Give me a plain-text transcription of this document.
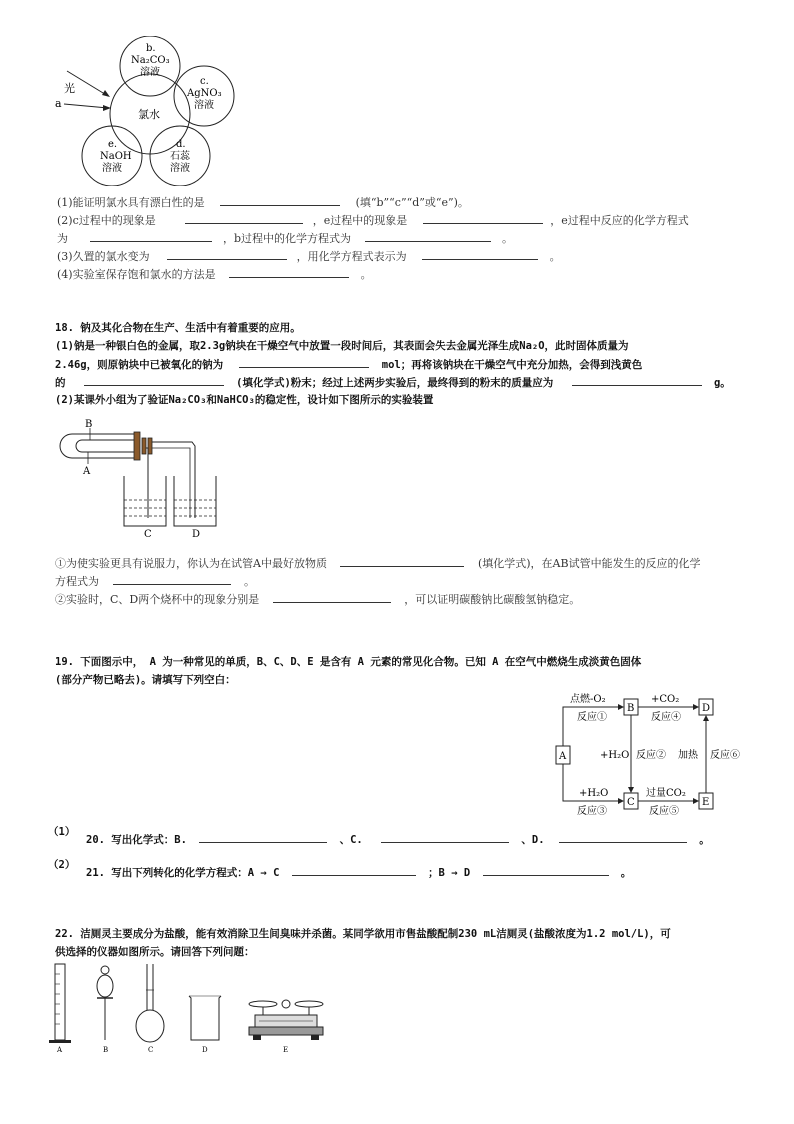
光
a
氯水
b.
Na₂CO₃
溶液
c.
AgNO₃
溶液
d.
石蕊
溶液
e.
NaOH
溶液
(1)能证明氯水具有漂白性的是	(填“b”“c”“d”或“e”)。
(2)c过程中的现象是	，e过程中的现象是	，e过程中反应的化学方程式
为	，b过程中的化学方程式为	。
(3)久置的氯水变为	，用化学方程式表示为	。
(4)实验室保存饱和氯水的方法是	。
18. 钠及其化合物在生产、生活中有着重要的应用。
(1)钠是一种银白色的金属，取2.3g钠块在干燥空气中放置一段时间后，其表面会失去金属光泽生成Na₂O，此时固体质量为
2.46g，则原钠块中已被氧化的钠为	mol；再将该钠块在干燥空气中充分加热，会得到浅黄色
的	(填化学式)粉末；经过上述两步实验后，最终得到的粉末的质量应为	g。
(2)某课外小组为了验证Na₂CO₃和NaHCO₃的稳定性，设计如下图所示的实验装置
B
A
C	D
①为使实验更具有说服力，你认为在试管A中最好放物质	(填化学式)，在AB试管中能发生的反应的化学
方程式为	。
②实验时，C、D两个烧杯中的现象分别是	，可以证明碳酸钠比碳酸氢钠稳定。
19. 下面图示中， A 为一种常见的单质，B、C、D、E 是含有 A 元素的常见化合物。已知 A 在空气中燃烧生成淡黄色固体
(部分产物已略去)。请填写下列空白：
A
B	D
C	E
点燃-O₂
反应①
+CO₂
反应④
+H₂O 反应② 加热 反应⑥
+H₂O
反应③
过量CO₂
反应⑤
（1）
20. 写出化学式：B.	、C.	、D.	。
（2）
21. 写出下列转化的化学方程式：A → C	；B → D	。
22. 洁厕灵主要成分为盐酸，能有效消除卫生间臭味并杀菌。某同学欲用市售盐酸配制230 mL洁厕灵(盐酸浓度为1.2 mol/L)，可
供选择的仪器如图所示。请回答下列问题：
A	B	C	D	E
